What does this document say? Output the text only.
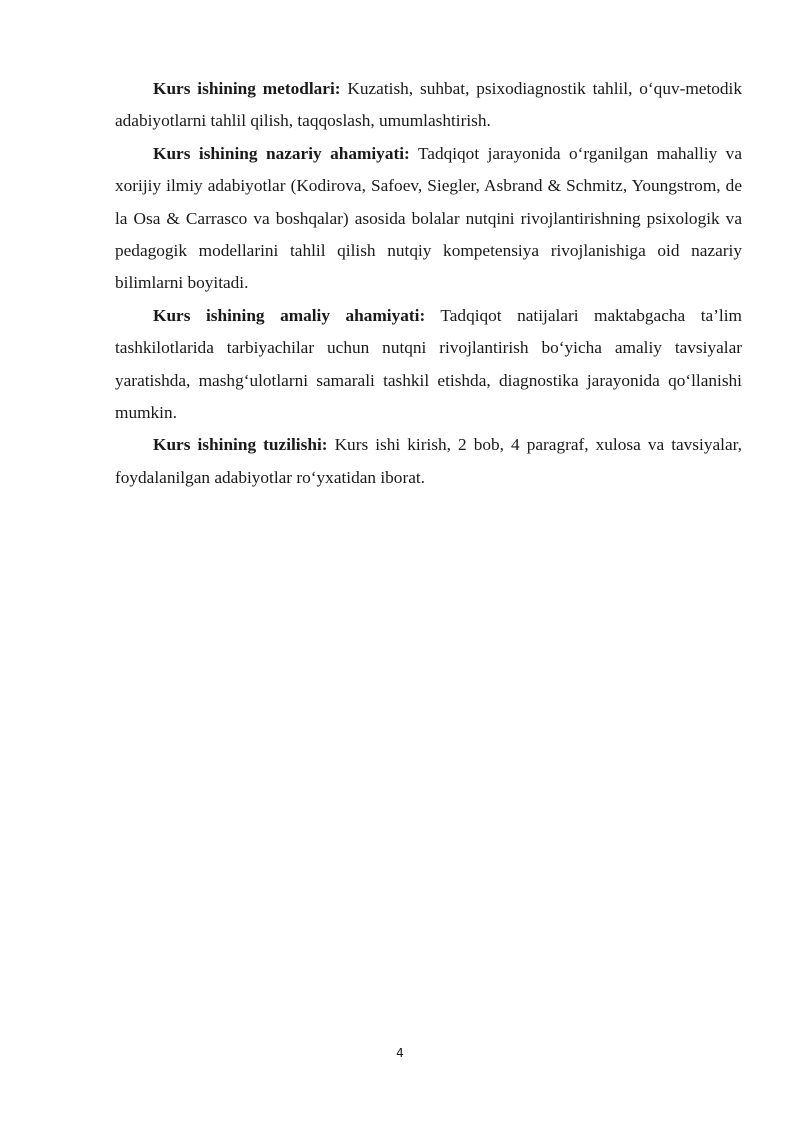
Kurs ishining metodlari: Kuzatish, suhbat, psixodiagnostik tahlil, o‘quv-metodik adabiyotlarni tahlil qilish, taqqoslash, umumlashtirish.

Kurs ishining nazariy ahamiyati: Tadqiqot jarayonida o‘rganilgan mahalliy va xorijiy ilmiy adabiyotlar (Kodirova, Safoev, Siegler, Asbrand & Schmitz, Youngstrom, de la Osa & Carrasco va boshqalar) asosida bolalar nutqini rivojlantirishning psixologik va pedagogik modellarini tahlil qilish nutqiy kompetensiya rivojlanishiga oid nazariy bilimlarni boyitadi.

Kurs ishining amaliy ahamiyati: Tadqiqot natijalari maktabgacha ta’lim tashkilotlarida tarbiyachilar uchun nutqni rivojlantirish bo‘yicha amaliy tavsiyalar yaratishda, mashg‘ulotlarni samarali tashkil etishda, diagnostika jarayonida qo‘llanishi mumkin.

Kurs ishining tuzilishi: Kurs ishi kirish, 2 bob, 4 paragraf, xulosa va tavsiyalar, foydalanilgan adabiyotlar ro‘yxatidan iborat.

4
